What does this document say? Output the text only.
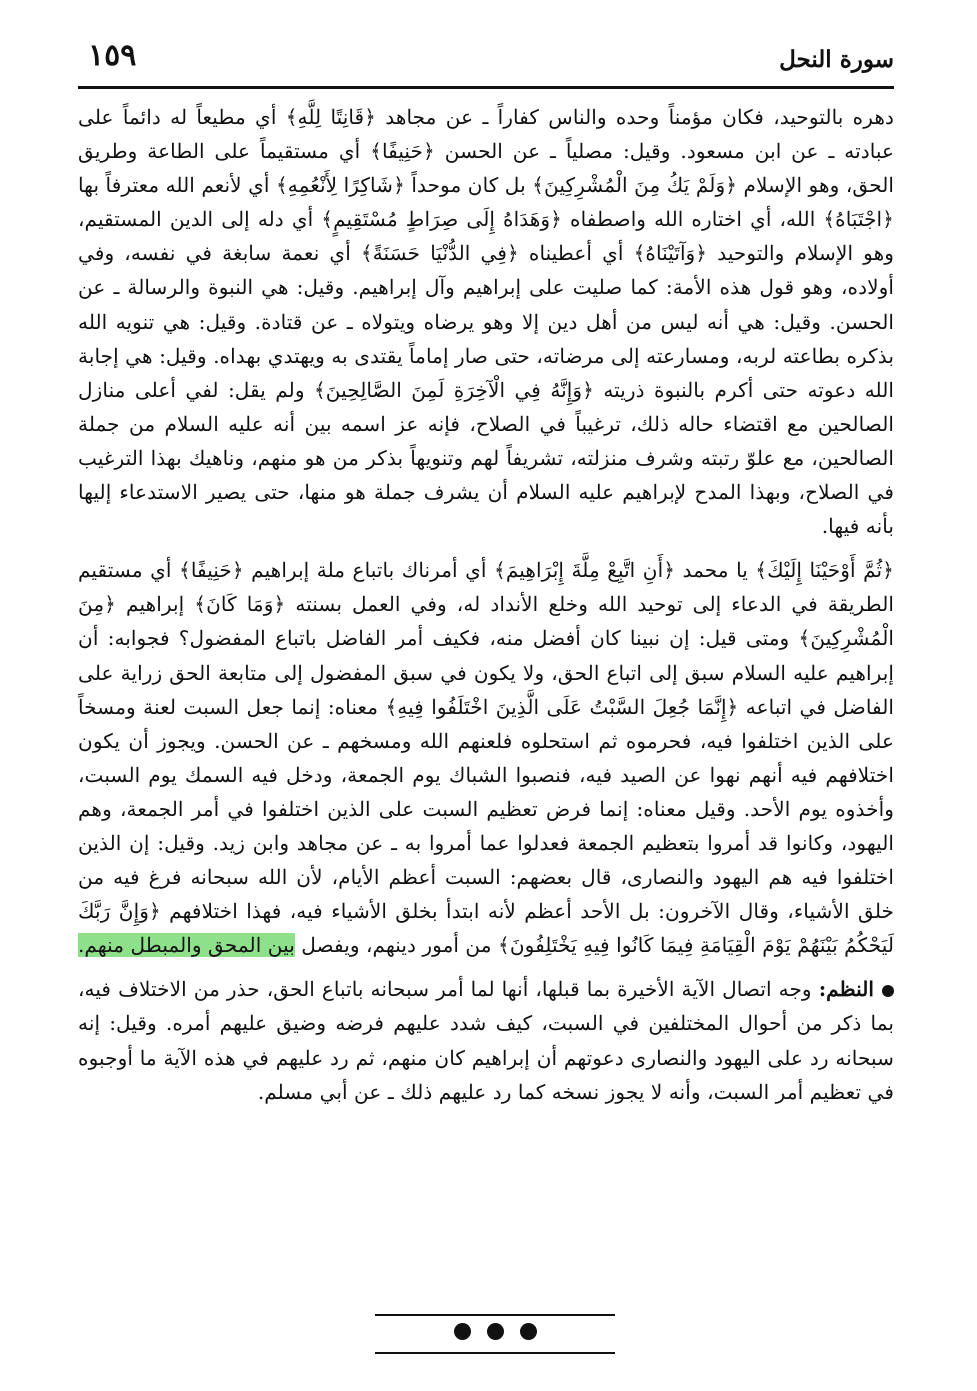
١٥٩	سورة النحل

دهره بالتوحيد، فكان مؤمناً وحده والناس كفاراً ـ عن مجاهد ﴿قَانِتًا لِلَّهِ﴾ أي مطيعاً له دائماً على عبادته ـ عن ابن مسعود. وقيل: مصلياً ـ عن الحسن ﴿حَنِيفًا﴾ أي مستقيماً على الطاعة وطريق الحق، وهو الإسلام ﴿وَلَمْ يَكُ مِنَ الْمُشْرِكِينَ﴾ بل كان موحداً ﴿شَاكِرًا لِأَنْعُمِهِ﴾ أي لأنعم الله معترفاً بها ﴿اجْتَبَاهُ﴾ الله، أي اختاره الله واصطفاه ﴿وَهَدَاهُ إِلَى صِرَاطٍ مُسْتَقِيمٍ﴾ أي دله إلى الدين المستقيم، وهو الإسلام والتوحيد ﴿وَآتَيْنَاهُ﴾ أي أعطيناه ﴿فِي الدُّنْيَا حَسَنَةً﴾ أي نعمة سابغة في نفسه، وفي أولاده، وهو قول هذه الأمة: كما صليت على إبراهيم وآل إبراهيم. وقيل: هي النبوة والرسالة ـ عن الحسن. وقيل: هي أنه ليس من أهل دين إلا وهو يرضاه ويتولاه ـ عن قتادة. وقيل: هي تنويه الله بذكره بطاعته لربه، ومسارعته إلى مرضاته، حتى صار إماماً يقتدى به ويهتدي بهداه. وقيل: هي إجابة الله دعوته حتى أكرم بالنبوة ذريته ﴿وَإِنَّهُ فِي الْآخِرَةِ لَمِنَ الصَّالِحِينَ﴾ ولم يقل: لفي أعلى منازل الصالحين مع اقتضاء حاله ذلك، ترغيباً في الصلاح، فإنه عز اسمه بين أنه عليه السلام من جملة الصالحين، مع علوّ رتبته وشرف منزلته، تشريفاً لهم وتنويهاً بذكر من هو منهم، وناهيك بهذا الترغيب في الصلاح، وبهذا المدح لإبراهيم عليه السلام أن يشرف جملة هو منها، حتى يصير الاستدعاء إليها بأنه فيها.

﴿ثُمَّ أَوْحَيْنَا إِلَيْكَ﴾ يا محمد ﴿أَنِ اتَّبِعْ مِلَّةَ إِبْرَاهِيمَ﴾ أي أمرناك باتباع ملة إبراهيم ﴿حَنِيفًا﴾ أي مستقيم الطريقة في الدعاء إلى توحيد الله وخلع الأنداد له، وفي العمل بسنته ﴿وَمَا كَانَ﴾ إبراهيم ﴿مِنَ الْمُشْرِكِينَ﴾ ومتى قيل: إن نبينا كان أفضل منه، فكيف أمر الفاضل باتباع المفضول؟ فجوابه: أن إبراهيم عليه السلام سبق إلى اتباع الحق، ولا يكون في سبق المفضول إلى متابعة الحق زراية على الفاضل في اتباعه ﴿إِنَّمَا جُعِلَ السَّبْتُ عَلَى الَّذِينَ اخْتَلَفُوا فِيهِ﴾ معناه: إنما جعل السبت لعنة ومسخاً على الذين اختلفوا فيه، فحرموه ثم استحلوه فلعنهم الله ومسخهم ـ عن الحسن. ويجوز أن يكون اختلافهم فيه أنهم نهوا عن الصيد فيه، فنصبوا الشباك يوم الجمعة، ودخل فيه السمك يوم السبت، وأخذوه يوم الأحد. وقيل معناه: إنما فرض تعظيم السبت على الذين اختلفوا في أمر الجمعة، وهم اليهود، وكانوا قد أمروا بتعظيم الجمعة فعدلوا عما أمروا به ـ عن مجاهد وابن زيد. وقيل: إن الذين اختلفوا فيه هم اليهود والنصارى، قال بعضهم: السبت أعظم الأيام، لأن الله سبحانه فرغ فيه من خلق الأشياء، وقال الآخرون: بل الأحد أعظم لأنه ابتدأ بخلق الأشياء فيه، فهذا اختلافهم ﴿وَإِنَّ رَبَّكَ لَيَحْكُمُ بَيْنَهُمْ يَوْمَ الْقِيَامَةِ فِيمَا كَانُوا فِيهِ يَخْتَلِفُونَ﴾ من أمور دينهم، ويفصل بين المحق والمبطل منهم.

النظم: وجه اتصال الآية الأخيرة بما قبلها، أنها لما أمر سبحانه باتباع الحق، حذر من الاختلاف فيه، بما ذكر من أحوال المختلفين في السبت، كيف شدد عليهم فرضه وضيق عليهم أمره. وقيل: إنه سبحانه رد على اليهود والنصارى دعوتهم أن إبراهيم كان منهم، ثم رد عليهم في هذه الآية ما أوجبوه في تعظيم أمر السبت، وأنه لا يجوز نسخه كما رد عليهم ذلك ـ عن أبي مسلم.
